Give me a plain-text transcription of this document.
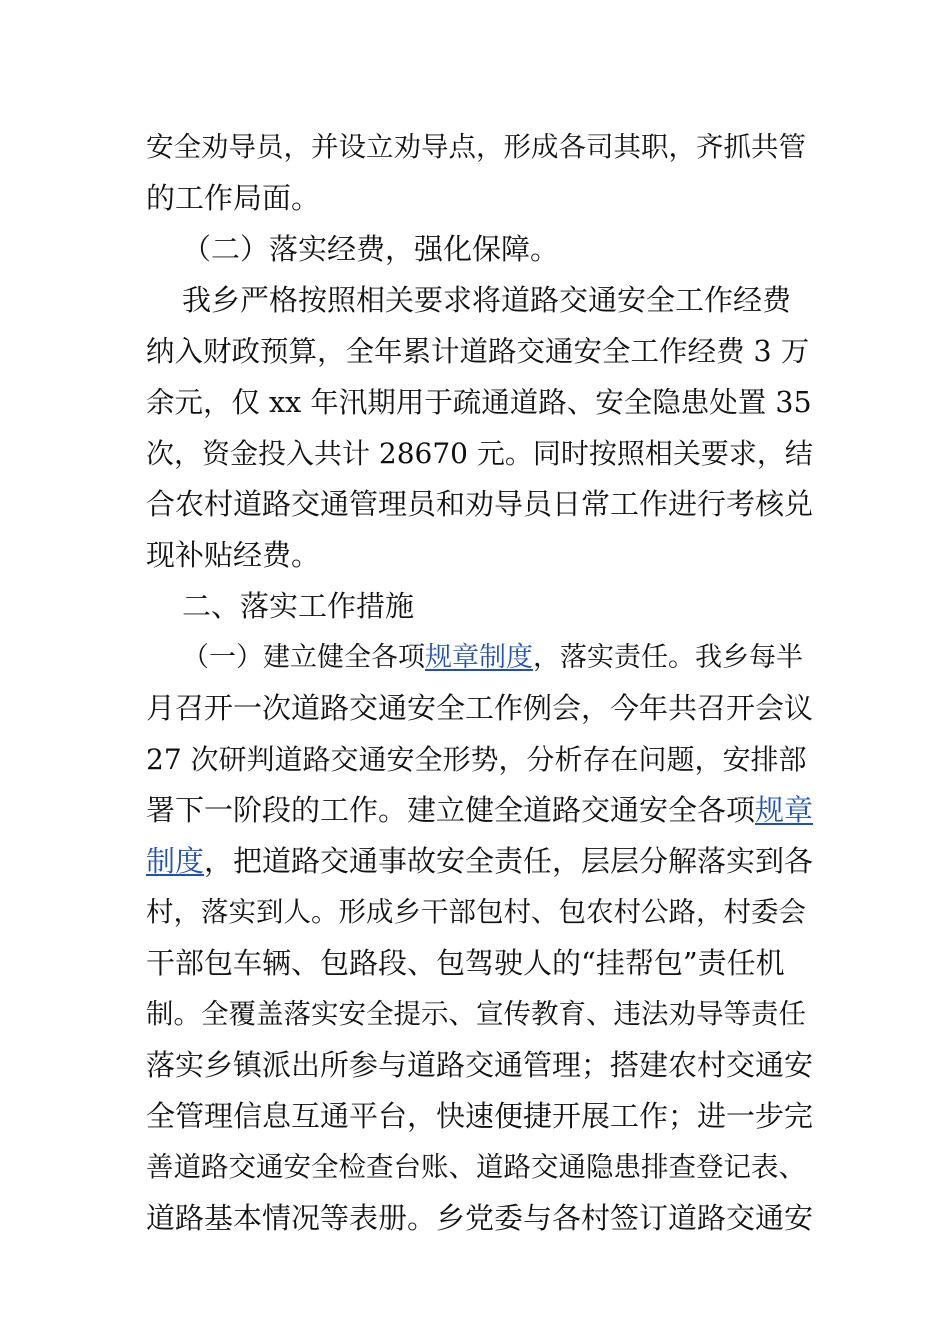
安全劝导员，并设立劝导点，形成各司其职，齐抓共管
的工作局面。
（二）落实经费，强化保障。
我乡严格按照相关要求将道路交通安全工作经费
纳入财政预算，全年累计道路交通安全工作经费 3 万
余元，仅 xx 年汛期用于疏通道路、安全隐患处置 35
次，资金投入共计 28670 元。同时按照相关要求，结
合农村道路交通管理员和劝导员日常工作进行考核兑
现补贴经费。
二、落实工作措施
（一）建立健全各项规章制度，落实责任。我乡每半
月召开一次道路交通安全工作例会，今年共召开会议
27 次研判道路交通安全形势，分析存在问题，安排部
署下一阶段的工作。建立健全道路交通安全各项规章
制度，把道路交通事故安全责任，层层分解落实到各
村，落实到人。形成乡干部包村、包农村公路，村委会
干部包车辆、包路段、包驾驶人的“挂帮包”责任机
制。全覆盖落实安全提示、宣传教育、违法劝导等责任
落实乡镇派出所参与道路交通管理；搭建农村交通安
全管理信息互通平台，快速便捷开展工作；进一步完
善道路交通安全检查台账、道路交通隐患排查登记表、
道路基本情况等表册。乡党委与各村签订道路交通安
